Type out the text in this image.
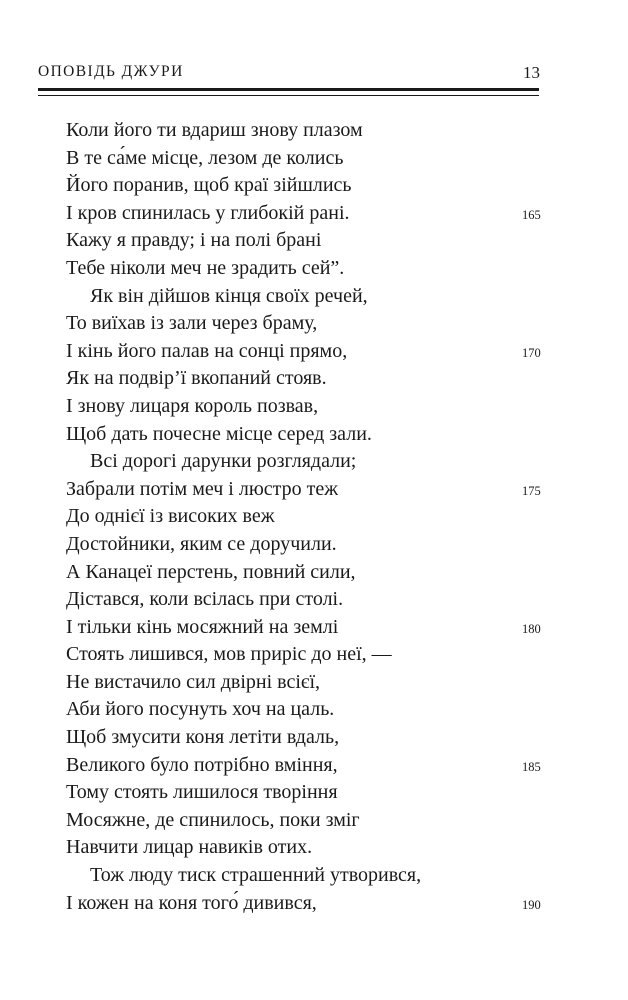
ОПОВІДЬ ДЖУРИ	13
Коли його ти вдариш знову плазом
В те са́ме місце, лезом де колись
Його поранив, щоб краї зійшлись
І кров спинилась у глибокій рані.
Кажу я правду; і на полі брані
Тебе ніколи меч не зрадить сей”.
Як він дійшов кінця своїх речей,
То виїхав із зали через браму,
І кінь його палав на сонці прямо,
Як на подвір’ї вкопаний стояв.
І знову лицаря король позвав,
Щоб дать почесне місце серед зали.
Всі дорогі дарунки розглядали;
Забрали потім меч і люстро теж
До однієї із високих веж
Достойники, яким се доручили.
А Канацеї перстень, повний сили,
Дістався, коли всілась при столі.
І тільки кінь мосяжний на землі
Стоять лишився, мов приріс до неї, —
Не вистачило сил двірні всієї,
Аби його посунуть хоч на цаль.
Щоб змусити коня летіти вдаль,
Великого було потрібно вміння,
Тому стоять лишилося творіння
Мосяжне, де спинилось, поки зміг
Навчити лицар навиків отих.
Тож люду тиск страшенний утворився,
І кожен на коня того́ дивився,
165
170
175
180
185
190
